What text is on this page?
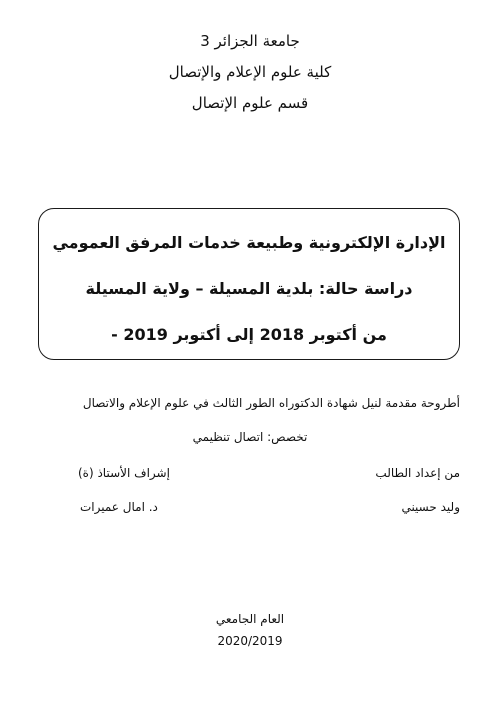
جامعة الجزائر 3
كلية علوم الإعلام والإتصال
قسم علوم الإتصال
الإدارة الإلكترونية وطبيعة خدمات المرفق العمومي
دراسة حالة: بلدية المسيلة – ولاية المسيلة
من أكتوبر 2018 إلى أكتوبر 2019 -
أطروحة مقدمة لنيل شهادة الدكتوراه الطور الثالث في علوم الإعلام والاتصال
تخصص: اتصال تنظيمي
من إعداد الطالب
إشراف الأستاذ (ة)
وليد حسيني
د. امال عميرات
العام الجامعي
2020/2019
